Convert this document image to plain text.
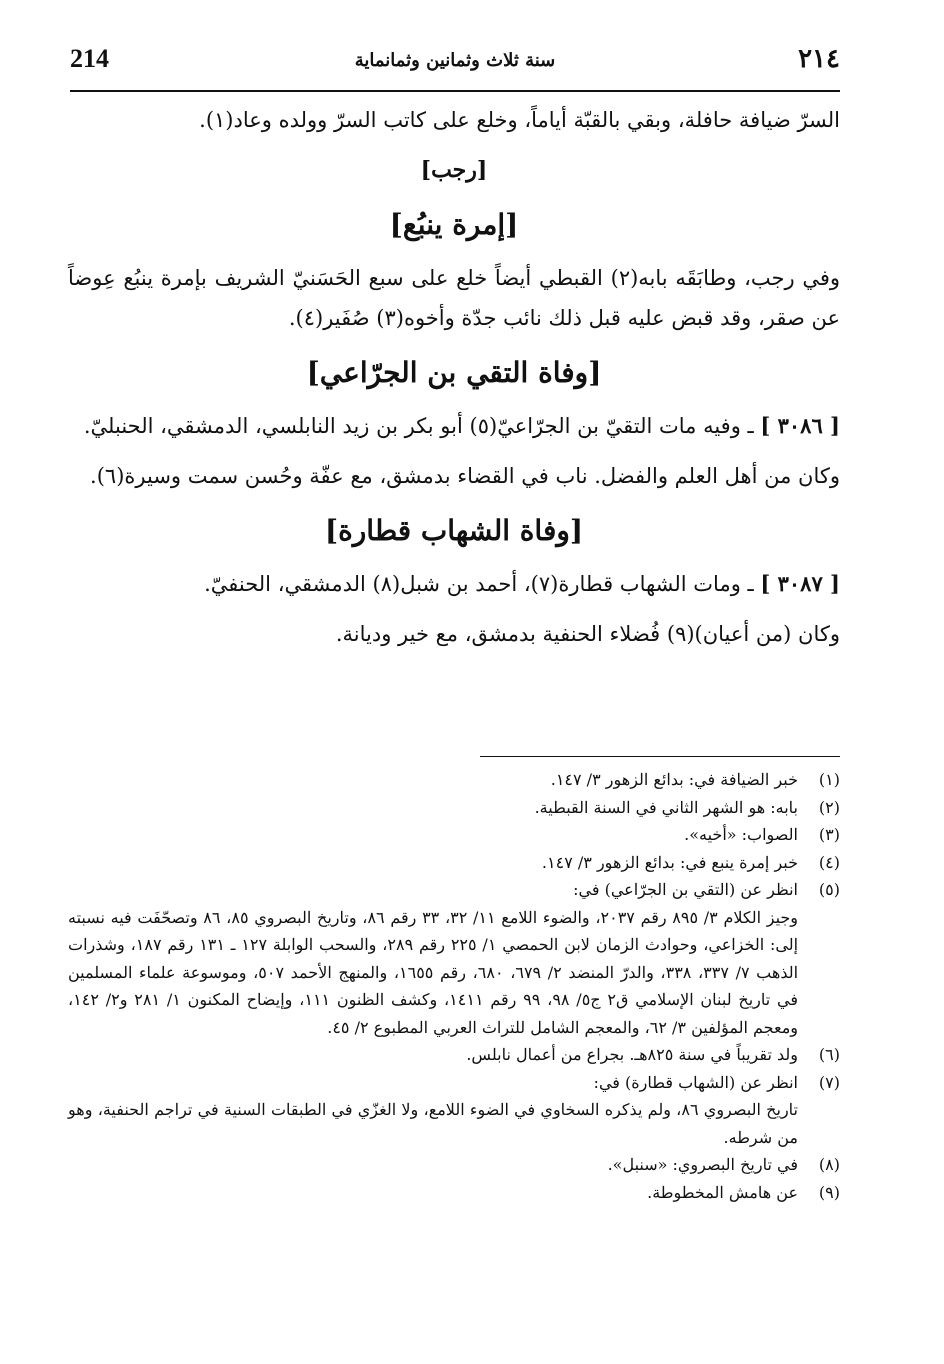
214	سنة ثلاث وثمانين وثمانماية	٢١٤

السرّ ضيافة حافلة، وبقي بالقبّة أياماً، وخلع على كاتب السرّ وولده وعاد(١).

[رجب]

[إمرة ينبُع]

وفي رجب، وطابَقَه بابه(٢) القبطي أيضاً خلع على سبع الحَسَنيّ الشريف بإمرة ينبُع عِوضاً عن صقر، وقد قبض عليه قبل ذلك نائب جدّة وأخوه(٣) صُفَير(٤).

[وفاة التقي بن الجرّاعي]

[ ٣٠٨٦ ] ـ وفيه مات التقيّ بن الجرّاعيّ(٥) أبو بكر بن زيد النابلسي، الدمشقي، الحنبليّ.

وكان من أهل العلم والفضل. ناب في القضاء بدمشق، مع عفّة وحُسن سمت وسيرة(٦).

[وفاة الشهاب قطارة]

[ ٣٠٨٧ ] ـ ومات الشهاب قطارة(٧)، أحمد بن شبل(٨) الدمشقي، الحنفيّ.

وكان (من أعيان)(٩) فُضلاء الحنفية بدمشق، مع خير وديانة.

(١)
خبر الضيافة في: بدائع الزهور ٣/ ١٤٧.
(٢)
بابه: هو الشهر الثاني في السنة القبطية.
(٣)
الصواب: «أخيه».
(٤)
خبر إمرة ينبع في: بدائع الزهور ٣/ ١٤٧.
(٥)
انظر عن (التقي بن الجرّاعي) في:
وجيز الكلام ٣/ ٨٩٥ رقم ٢٠٣٧، والضوء اللامع ١١/ ٣٢، ٣٣ رقم ٨٦، وتاريخ البصروي ٨٥، ٨٦ وتصحّفَت فيه نسبته إلى: الخزاعي، وحوادث الزمان لابن الحمصي ١/ ٢٢٥ رقم ٢٨٩، والسحب الوابلة ١٢٧ ـ ١٣١ رقم ١٨٧، وشذرات الذهب ٧/ ٣٣٧، ٣٣٨، والدرّ المنضد ٢/ ٦٧٩، ٦٨٠، رقم ١٦٥٥، والمنهج الأحمد ٥٠٧، وموسوعة علماء المسلمين في تاريخ لبنان الإسلامي ق٢ ج٥/ ٩٨، ٩٩ رقم ١٤١١، وكشف الظنون ١١١، وإيضاح المكنون ١/ ٢٨١ و٢/ ١٤٢، ومعجم المؤلفين ٣/ ٦٢، والمعجم الشامل للتراث العربي المطبوع ٢/ ٤٥.
(٦)
ولد تقريباً في سنة ٨٢٥هـ. بجراع من أعمال نابلس.
(٧)
انظر عن (الشهاب قطارة) في:
تاريخ البصروي ٨٦، ولم يذكره السخاوي في الضوء اللامع، ولا الغزّي في الطبقات السنية في تراجم الحنفية، وهو من شرطه.
(٨)
في تاريخ البصروي: «سنبل».
(٩)
عن هامش المخطوطة.
